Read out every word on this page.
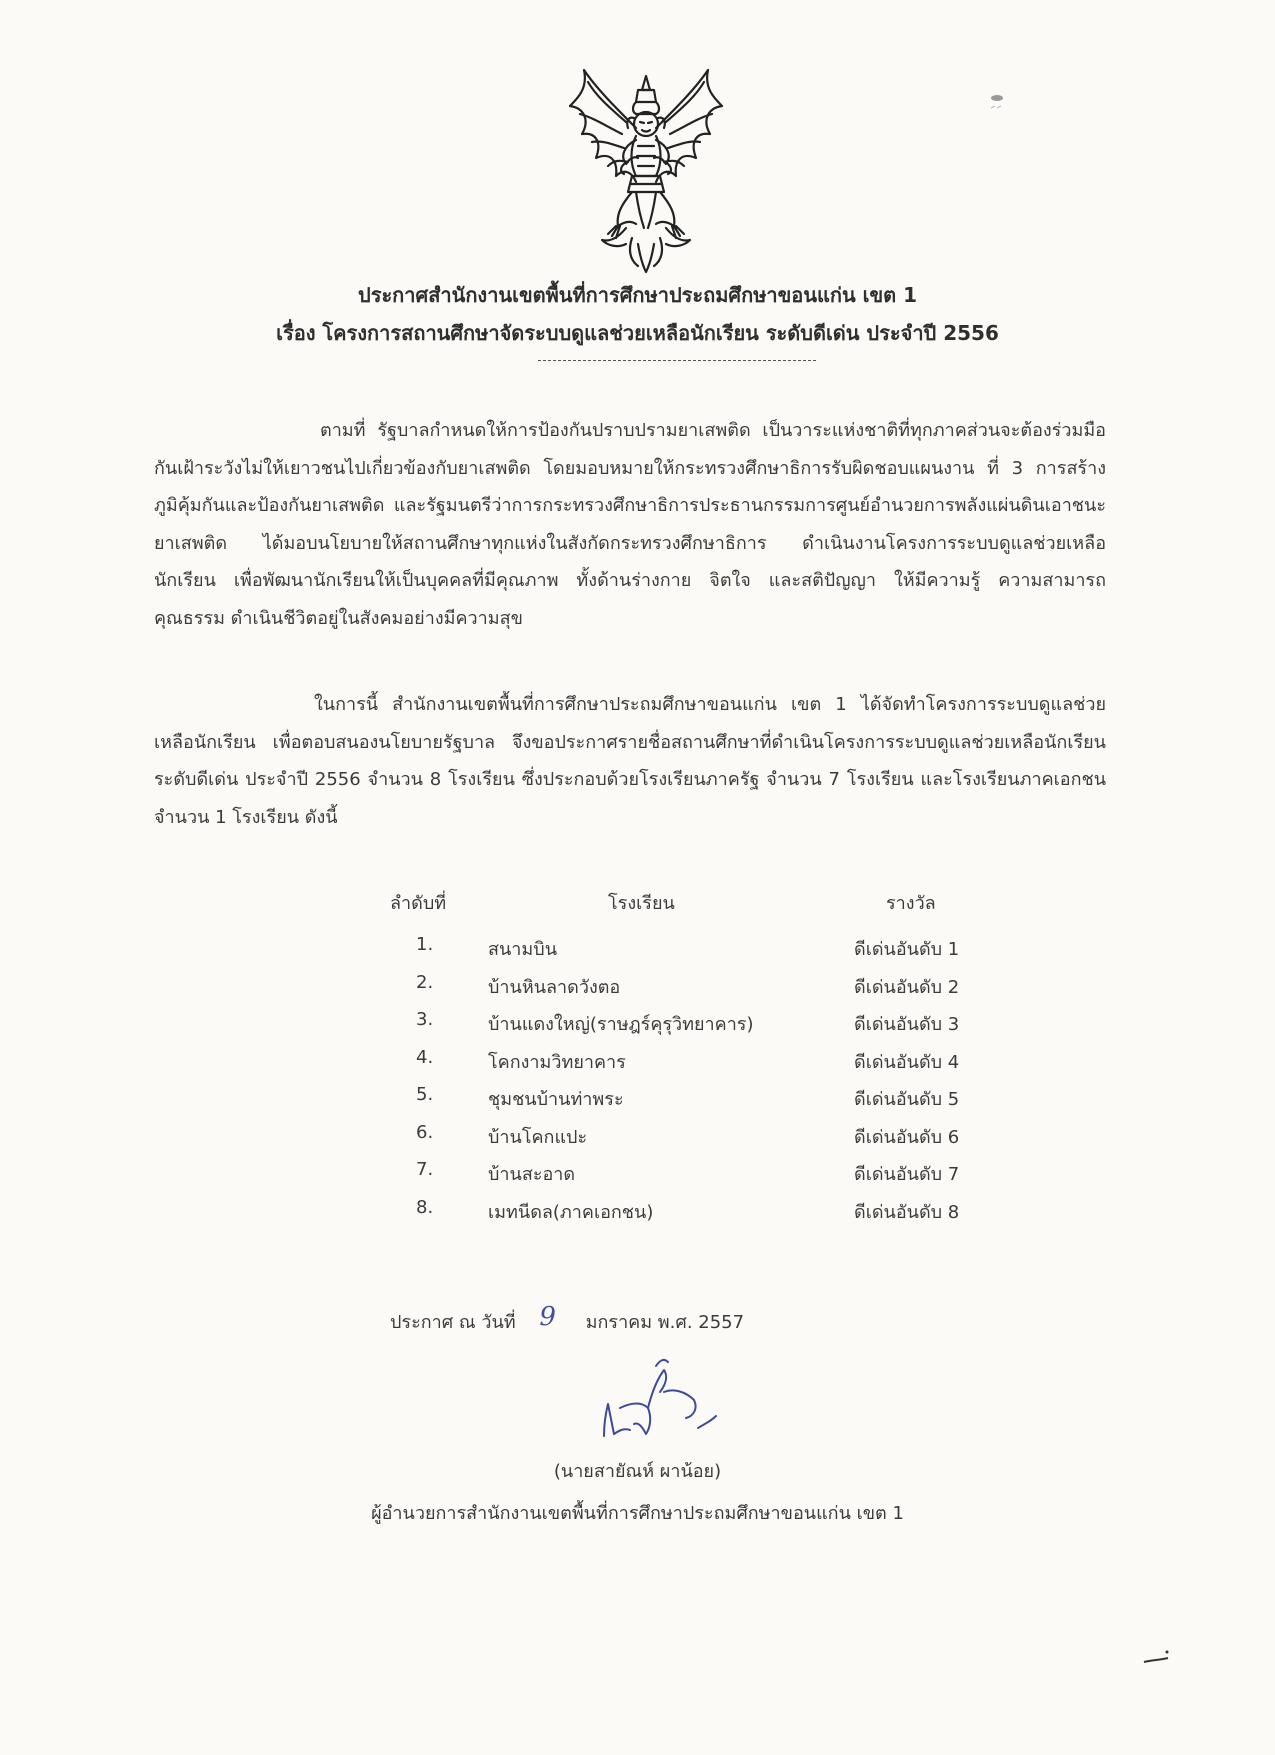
ประกาศสำนักงานเขตพื้นที่การศึกษาประถมศึกษาขอนแก่น เขต 1
เรื่อง โครงการสถานศึกษาจัดระบบดูแลช่วยเหลือนักเรียน ระดับดีเด่น ประจำปี 2556

ตามที่ รัฐบาลกำหนดให้การป้องกันปราบปรามยาเสพติด เป็นวาระแห่งชาติที่ทุกภาคส่วนจะต้องร่วมมือกันเฝ้าระวังไม่ให้เยาวชนไปเกี่ยวข้องกับยาเสพติด โดยมอบหมายให้กระทรวงศึกษาธิการรับผิดชอบแผนงาน ที่ 3 การสร้างภูมิคุ้มกันและป้องกันยาเสพติด และรัฐมนตรีว่าการกระทรวงศึกษาธิการประธานกรรมการศูนย์อำนวยการพลังแผ่นดินเอาชนะยาเสพติด ได้มอบนโยบายให้สถานศึกษาทุกแห่งในสังกัดกระทรวงศึกษาธิการ ดำเนินงานโครงการระบบดูแลช่วยเหลือนักเรียน เพื่อพัฒนานักเรียนให้เป็นบุคคลที่มีคุณภาพ ทั้งด้านร่างกาย จิตใจ และสติปัญญา ให้มีความรู้ ความสามารถ คุณธรรม ดำเนินชีวิตอยู่ในสังคมอย่างมีความสุข

ในการนี้ สำนักงานเขตพื้นที่การศึกษาประถมศึกษาขอนแก่น เขต 1 ได้จัดทำโครงการระบบดูแลช่วยเหลือนักเรียน เพื่อตอบสนองนโยบายรัฐบาล จึงขอประกาศรายชื่อสถานศึกษาที่ดำเนินโครงการระบบดูแลช่วยเหลือนักเรียน ระดับดีเด่น ประจำปี 2556 จำนวน 8 โรงเรียน ซึ่งประกอบด้วยโรงเรียนภาครัฐ จำนวน 7 โรงเรียน และโรงเรียนภาคเอกชน จำนวน 1 โรงเรียน ดังนี้

ลำดับที่	โรงเรียน	รางวัล
1.	สนามบิน	ดีเด่นอันดับ 1
2.	บ้านหินลาดวังตอ	ดีเด่นอันดับ 2
3.	บ้านแดงใหญ่(ราษฎร์คุรุวิทยาคาร)	ดีเด่นอันดับ 3
4.	โคกงามวิทยาคาร	ดีเด่นอันดับ 4
5.	ชุมชนบ้านท่าพระ	ดีเด่นอันดับ 5
6.	บ้านโคกแปะ	ดีเด่นอันดับ 6
7.	บ้านสะอาด	ดีเด่นอันดับ 7
8.	เมทนีดล(ภาคเอกชน)	ดีเด่นอันดับ 8
ประกาศ ณ วันที่ 9 มกราคม พ.ศ. 2557
(นายสายัณห์ ผาน้อย)
ผู้อำนวยการสำนักงานเขตพื้นที่การศึกษาประถมศึกษาขอนแก่น เขต 1
